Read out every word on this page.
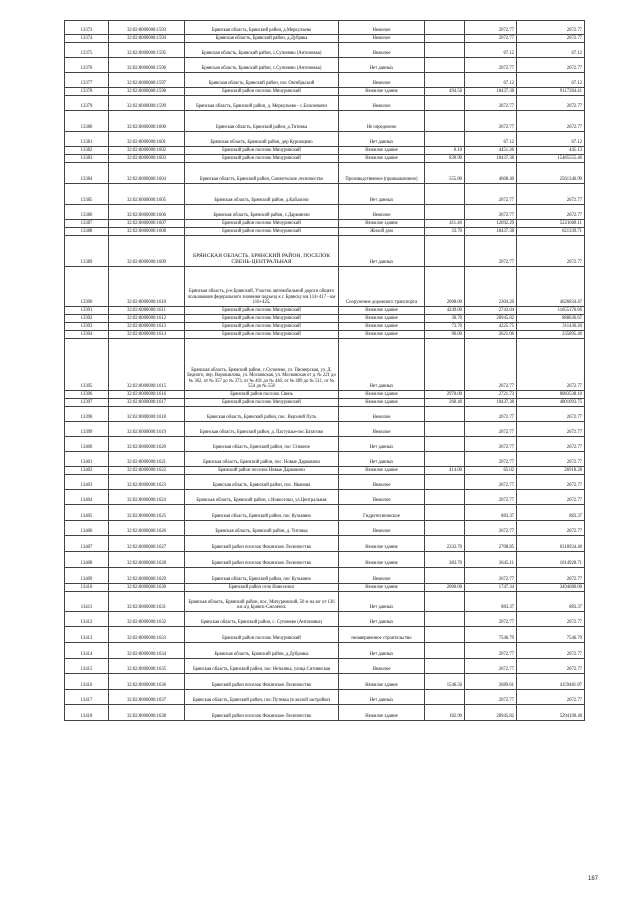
13373	32:02:0000000:1593	Брянская область, Брянский район, д.Меркулъево	Нежилое		2672.77	2672.77
13374	32:02:0000000:1594	Брянская область, Брянский район, д.Дубрвка	Нежилое		2672.77	2672.77
13375	32:02:0000000:1595	Брянская область, Брянский район, с.Супонево (Антоновка)	Нежилое		67.12	67.12
13376	32:02:0000000:1596	Брянская область, Брянский район, с.Супонево (Антоновка)	Нет данных		2672.77	2672.77
13377	32:02:0000000:1597	Брянская область, Брянский район, пос Октябрьский	Нежилое		67.12	67.12
13378	32:02:0000000:1598	Брянский район поселок Мичуринский	Нежилое здание	494.50	18437.38	9117284.41
13379	32:02:0000000:1599	Брянская область, Брянский район, д. Меркульево - с.Елисеевичи	Нежилое		2672.77	2672.77
13380	32:02:0000000:1600	Брянская область, Брянский район, д.Титовка	Не определено		2672.77	2672.77
13381	32:02:0000000:1601	Брянская область, Брянский район, дер Курнощено	Нет данных		67.12	67.12
13382	32:02:0000000:1602	Брянский район поселок Мичуринский	Нежилое здание	0.10	4451.26	445.13
13383	32:02:0000000:1603	Брянский район поселок Мичуринский	Нежилое здание	839.90	18437.38	15485555.46
13384	32:02:0000000:1604	Брянская область, Брянский район, Снежетьское лесничество	Производственное (промышленное)	555.80	4608.40	2561346.99
13385	32:02:0000000:1605	Брянская область, Брянский район, д.Кабаличи	Нет данных		2672.77	2672.77
13386	32:02:0000000:1606	Брянская область, Брянский район, с.Дарковичи	Нежилое		2672.77	2672.77
13387	32:02:0000000:1607	Брянский район поселок Мичуринский	Нежилое здание	411.40	12692.29	5221608.11
13388	32:02:0000000:1608	Брянский район поселок Мичуринский	Жилой дом	33.70	18437.38	621339.71
13389	32:02:0000000:1609	БРЯНСКАЯ ОБЛАСТЬ, БРЯНСКИЙ РАЙОН, ПОСЕЛОК СВЕНЬ-ЦЕНТРАЛЬНАЯ	Нет данных		2672.77	2672.77
13390	32:02:0000000:1610	Брянская область, р-н Брянский, Участок автомобильной дороги общего пользования федерального значения подъезд к г. Брянску км 114+417 - км 116+425.	Сооружение дорожного транспорта	2008.00	2304.20	4626834.47
13391	32:02:0000000:1611	Брянский район поселок Мичуринский	Нежилое здание	4249.00	2743.04	11655176.96
13392	32:02:0000000:1612	Брянский район поселок Мичуринский	Нежилое здание	30.70	28945.82	888636.67
13393	32:02:0000000:1613	Брянский район поселок Мичуринский	Нежилое здание	73.70	4225.75	311436.30
13394	32:02:0000000:1614	Брянский район поселок Мичуринский	Нежилое здание	90.00	2621.06	235895.40
13395	32:02:0000000:1615	Брянская область, Брянский район, с.Супонево, ул. Пионерская, ул. Д. Бедного, пер. Ворошилова, ул. Московская, ул. Московская от д. № 221 до № 362, от № 357 до № 373, от № 401 до № 446, от № 489 до № 511, от № 554 до № 558	Нет данных		2672.77	2672.77
13396	32:02:0000000:1616	Брянский район поселок Свень	Нежилое здание	2970.00	2721.73	8083538.10
13397	32:02:0000000:1617	Брянский район поселок Мичуринский	Нежилое здание	260.40	18437.38	4801093.75
13398	32:02:0000000:1618	Брянская область, Брянский район, пос. Верхний Путь	Нежилое		2672.77	2672.77
13399	32:02:0000000:1619	Брянская область, Брянский район, д. Пастушье-пос.Батагово	Нежилое		2672.77	2672.77
13400	32:02:0000000:1620	Брянская область, Брянский район, пос Стяжное	Нет данных		2672.77	2672.77
13401	32:02:0000000:1621	Брянская область, Брянский район, пос. Новые Дарковичи	Нет данных		2672.77	2672.77
13402	32:02:0000000:1622	Брянский район поселок Новые Дарковичи	Нежилое здание	414.00	65.02	26918.28
13403	32:02:0000000:1623	Брянская область, Брянский район, пос. Иванова	Нежилое		2672.77	2672.77
13404	32:02:0000000:1624	Брянская область, Брянский район, с.Новоселки, ул.Центральная	Нежилое		2672.77	2672.77
13405	32:02:0000000:1625	Брянская область, Брянский район, пос Кузьмино	Гидротехническое		883.37	883.37
13406	32:02:0000000:1626	Брянская область, Брянский район, д. Титовка	Нежилое		2672.77	2672.77
13407	32:02:0000000:1627	Брянский район поселок Фокинское Лесничество	Нежилое здание	2332.70	2708.85	6318934.40
13408	32:02:0000000:1628	Брянский район поселок Фокинское Лесничество	Нежилое здание	383.70	2645.11	1014928.71
13409	32:02:0000000:1629	Брянская область, Брянский район, пос Кузьмино	Нежилое		2672.77	2672.77
13410	32:02:0000000:1630	Брянский район село Новоселки	Нежилое здание	2000.00	1747.34	3494680.00
13411	32:02:0000000:1631	Брянская область, Брянский район, пос. Мичуринский, 50 м на юг от 136 км а/д Брянск-Смоленск	Нет данных		883.37	883.37
13412	32:02:0000000:1632	Брянская область, Брянский район, с. Супонево (Антоновка)	Нет данных		2672.77	2672.77
13413	32:02:0000000:1633	Брянский район поселок Мичуринский	незавершенное строительство		7546.79	7546.79
13414	32:02:0000000:1634	Брянская область, Брянский район, д.Дубровка	Нет данных		2672.77	2672.77
13415	32:02:0000000:1635	Брянская область, Брянский район, пос Нетьинка, улица Ситнянская	Нежилое		2672.77	2672.77
13416	32:02:0000000:1636	Брянский район поселок Фокинское Лесничество	Нежилое здание	1546.50	2689.61	4159481.87
13417	32:02:0000000:1637	Брянская область, Брянский район, пос.Путевка (в жилой застройке)	Нет данных		2672.77	2672.77
13418	32:02:0000000:1638	Брянский район поселок Фокинское Лесничество	Нежилое здание	182.90	28945.82	5294190.48
187
